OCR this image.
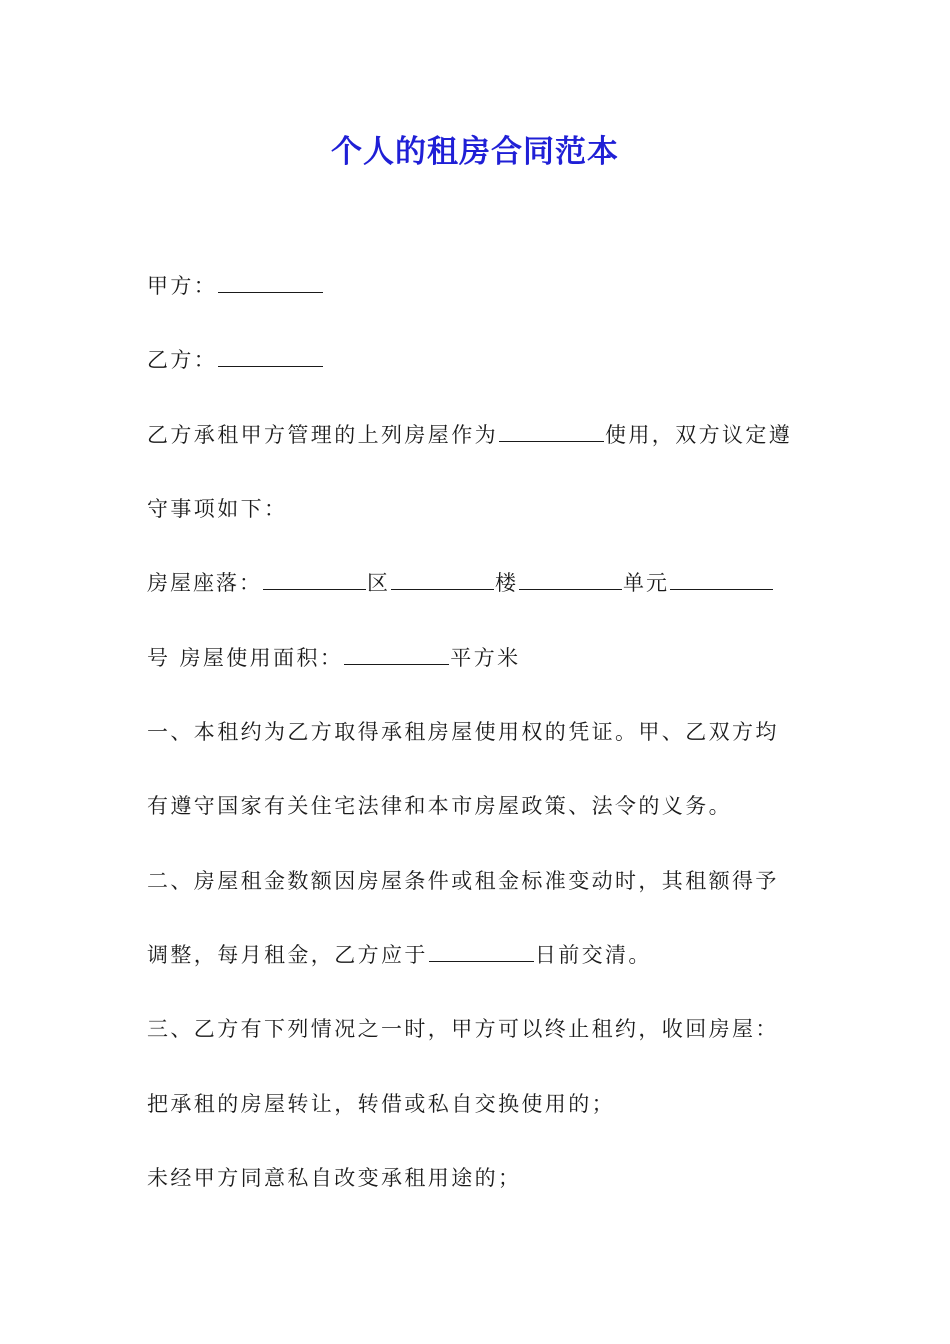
个人的租房合同范本
甲方：
乙方：
乙方承租甲方管理的上列房屋作为	使用，双方议定遵
守事项如下：
房屋座落：	区	楼	单元
号 房屋使用面积：	平方米
一、本租约为乙方取得承租房屋使用权的凭证。甲、乙双方均
有遵守国家有关住宅法律和本市房屋政策、法令的义务。
二、房屋租金数额因房屋条件或租金标准变动时，其租额得予
调整，每月租金，乙方应于	日前交清。
三、乙方有下列情况之一时，甲方可以终止租约，收回房屋：
把承租的房屋转让，转借或私自交换使用的；
未经甲方同意私自改变承租用途的；
